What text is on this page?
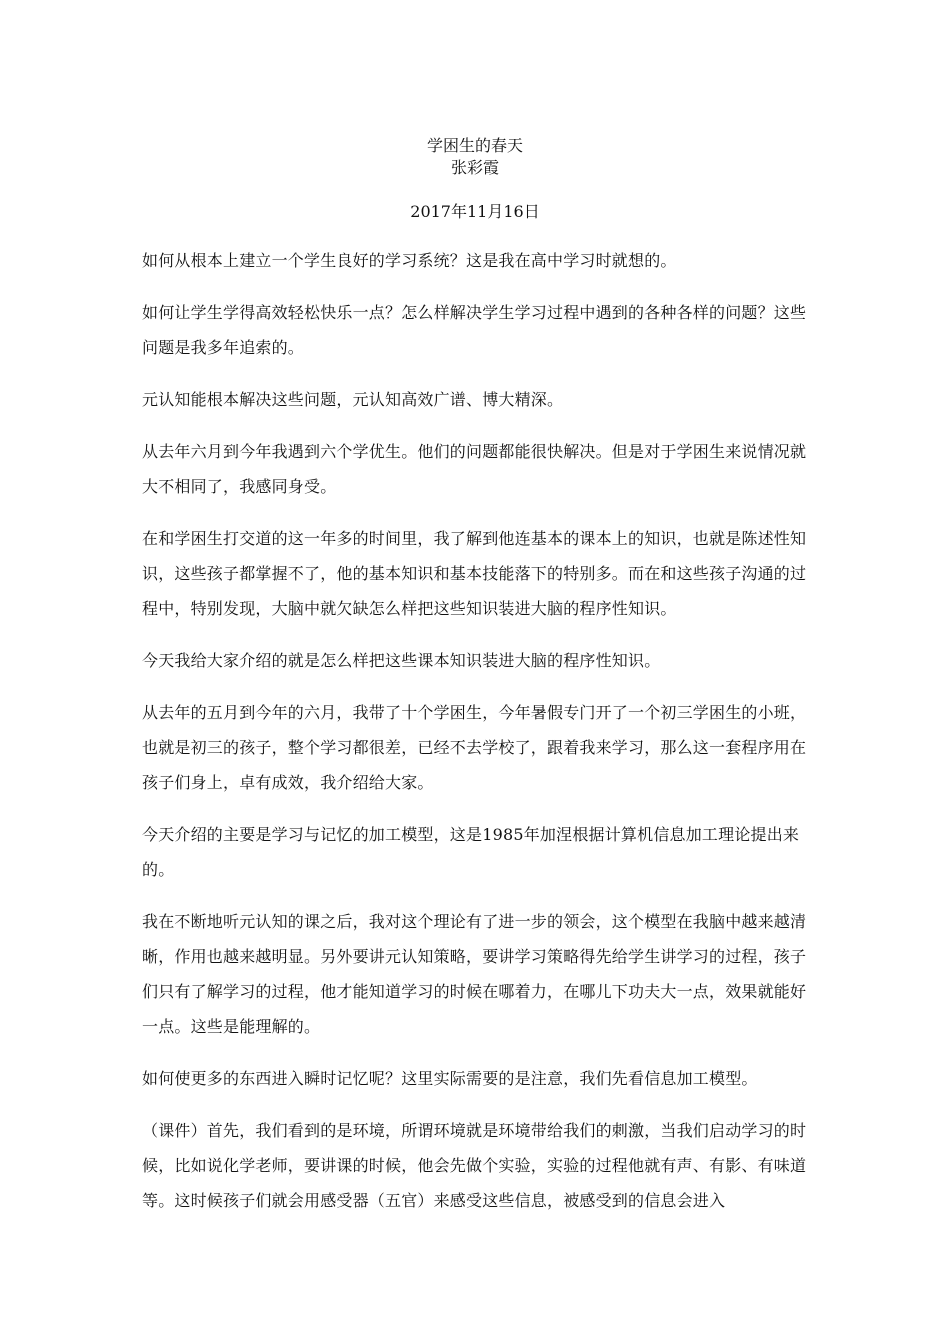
学困生的春天
张彩霞
2017年11月16日

如何从根本上建立一个学生良好的学习系统？这是我在高中学习时就想的。

如何让学生学得高效轻松快乐一点？怎么样解决学生学习过程中遇到的各种各样的问题？这些问题是我多年追索的。

元认知能根本解决这些问题，元认知高效广谱、博大精深。

从去年六月到今年我遇到六个学优生。他们的问题都能很快解决。但是对于学困生来说情况就大不相同了，我感同身受。

在和学困生打交道的这一年多的时间里，我了解到他连基本的课本上的知识，也就是陈述性知识，这些孩子都掌握不了，他的基本知识和基本技能落下的特别多。而在和这些孩子沟通的过程中，特别发现，大脑中就欠缺怎么样把这些知识装进大脑的程序性知识。

今天我给大家介绍的就是怎么样把这些课本知识装进大脑的程序性知识。

从去年的五月到今年的六月，我带了十个学困生，今年暑假专门开了一个初三学困生的小班，也就是初三的孩子，整个学习都很差，已经不去学校了，跟着我来学习，那么这一套程序用在孩子们身上，卓有成效，我介绍给大家。

今天介绍的主要是学习与记忆的加工模型，这是1985年加涅根据计算机信息加工理论提出来的。

我在不断地听元认知的课之后，我对这个理论有了进一步的领会，这个模型在我脑中越来越清晰，作用也越来越明显。另外要讲元认知策略，要讲学习策略得先给学生讲学习的过程，孩子们只有了解学习的过程，他才能知道学习的时候在哪着力，在哪儿下功夫大一点，效果就能好一点。这些是能理解的。

如何使更多的东西进入瞬时记忆呢？这里实际需要的是注意，我们先看信息加工模型。

（课件）首先，我们看到的是环境，所谓环境就是环境带给我们的刺激，当我们启动学习的时候，比如说化学老师，要讲课的时候，他会先做个实验，实验的过程他就有声、有影、有味道等。这时候孩子们就会用感受器（五官）来感受这些信息，被感受到的信息会进入
